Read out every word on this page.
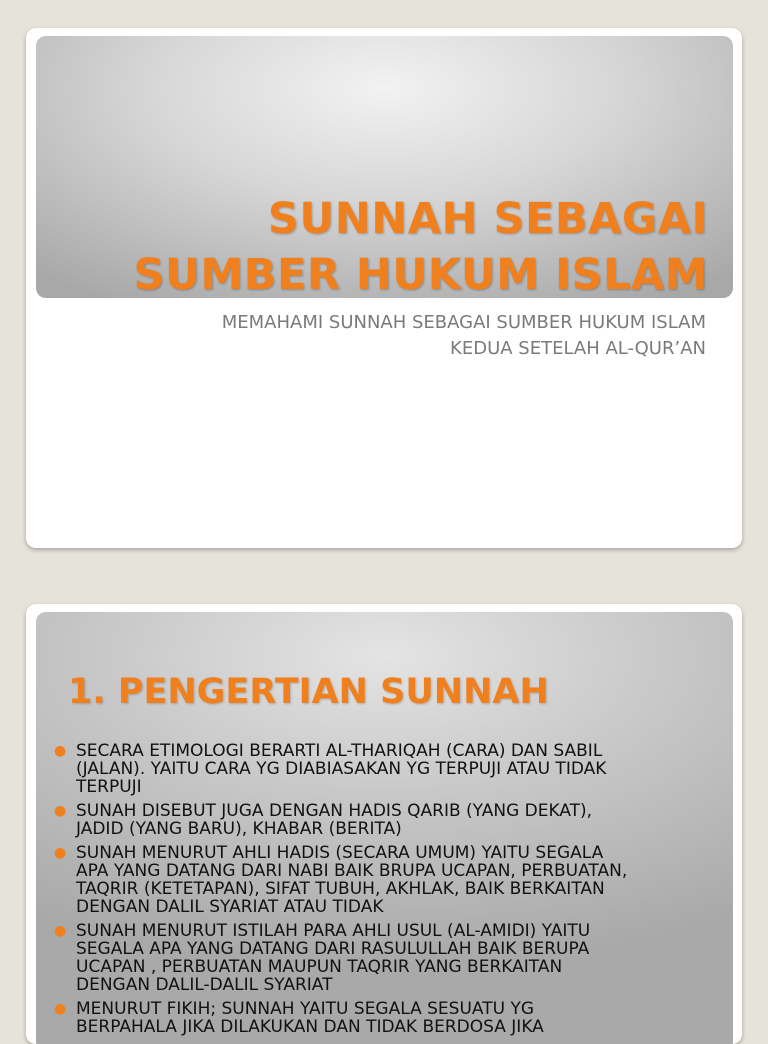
SUNNAH SEBAGAI
SUMBER HUKUM ISLAM

MEMAHAMI SUNNAH SEBAGAI SUMBER HUKUM ISLAM
KEDUA SETELAH AL-QUR’AN

1. PENGERTIAN SUNNAH
● SECARA ETIMOLOGI BERARTI AL-THARIQAH (CARA) DAN SABIL
(JALAN). YAITU CARA YG DIABIASAKAN YG TERPUJI ATAU TIDAK
TERPUJI
● SUNAH DISEBUT JUGA DENGAN HADIS QARIB (YANG DEKAT),
JADID (YANG BARU), KHABAR (BERITA)
● SUNAH MENURUT AHLI HADIS (SECARA UMUM) YAITU SEGALA
APA YANG DATANG DARI NABI BAIK BRUPA UCAPAN, PERBUATAN,
TAQRIR (KETETAPAN), SIFAT TUBUH, AKHLAK, BAIK BERKAITAN
DENGAN DALIL SYARIAT ATAU TIDAK
● SUNAH MENURUT ISTILAH PARA AHLI USUL (AL-AMIDI) YAITU
SEGALA APA YANG DATANG DARI RASULULLAH BAIK BERUPA
UCAPAN , PERBUATAN MAUPUN TAQRIR YANG BERKAITAN
DENGAN DALIL-DALIL SYARIAT
● MENURUT FIKIH; SUNNAH YAITU SEGALA SESUATU YG
BERPAHALA JIKA DILAKUKAN DAN TIDAK BERDOSA JIKA
